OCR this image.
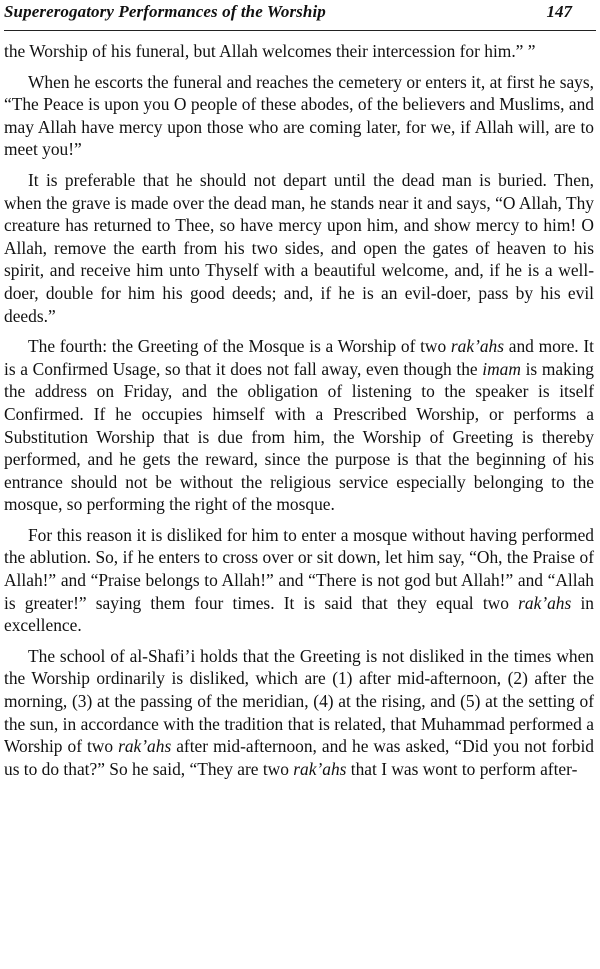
Supererogatory Performances of the Worship	147

the Worship of his funeral, but Allah welcomes their intercession for him.” ”

When he escorts the funeral and reaches the cemetery or enters it, at first he says, “The Peace is upon you O people of these abodes, of the believers and Muslims, and may Allah have mercy upon those who are coming later, for we, if Allah will, are to meet you!”

It is preferable that he should not depart until the dead man is buried. Then, when the grave is made over the dead man, he stands near it and says, “O Allah, Thy creature has returned to Thee, so have mercy upon him, and show mercy to him! O Allah, remove the earth from his two sides, and open the gates of heaven to his spirit, and receive him unto Thyself with a beautiful welcome, and, if he is a well-doer, double for him his good deeds; and, if he is an evil-doer, pass by his evil deeds.”

The fourth: the Greeting of the Mosque is a Worship of two rak’ahs and more. It is a Confirmed Usage, so that it does not fall away, even though the imam is making the address on Friday, and the obligation of listening to the speaker is itself Confirmed. If he occupies himself with a Prescribed Worship, or performs a Substitution Worship that is due from him, the Worship of Greeting is thereby performed, and he gets the reward, since the purpose is that the beginning of his entrance should not be without the religious service especially belonging to the mosque, so performing the right of the mosque.

For this reason it is disliked for him to enter a mosque without having performed the ablution. So, if he enters to cross over or sit down, let him say, “Oh, the Praise of Allah!” and “Praise belongs to Allah!” and “There is not god but Allah!” and “Allah is greater!” saying them four times. It is said that they equal two rak’ahs in excellence.

The school of al-Shafi’i holds that the Greeting is not disliked in the times when the Worship ordinarily is disliked, which are (1) after mid-afternoon, (2) after the morning, (3) at the passing of the meridian, (4) at the rising, and (5) at the setting of the sun, in accordance with the tradition that is related, that Muhammad performed a Worship of two rak’ahs after mid-afternoon, and he was asked, “Did you not forbid us to do that?” So he said, “They are two rak’ahs that I was wont to perform after-
